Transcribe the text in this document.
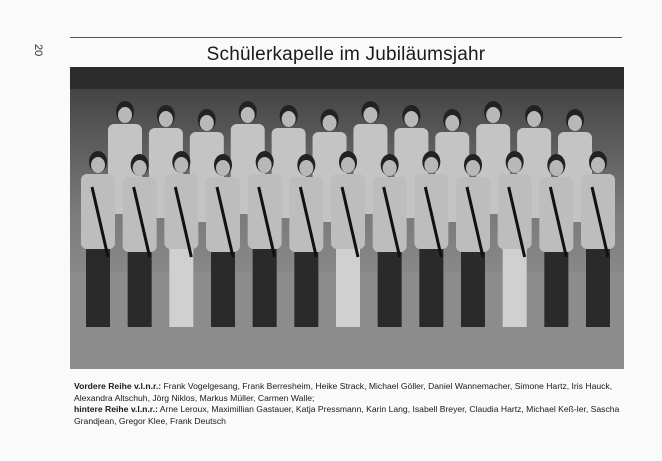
20	Schülerkapelle im Jubiläumsjahr
Vordere Reihe v.l.n.r.: Frank Vogelgesang, Frank Berresheim, Heike Strack, Michael Göller, Daniel Wannemacher, Simone Hartz, Iris Hauck, Alexandra Altschuh, Jörg Niklos, Markus Müller, Carmen Walle;
hintere Reihe v.l.n.r.: Arne Leroux, Maximillian Gastauer, Katja Pressmann, Karin Lang, Isabell Breyer, Claudia Hartz, Michael Keß-ler, Sascha Grandjean, Gregor Klee, Frank Deutsch
